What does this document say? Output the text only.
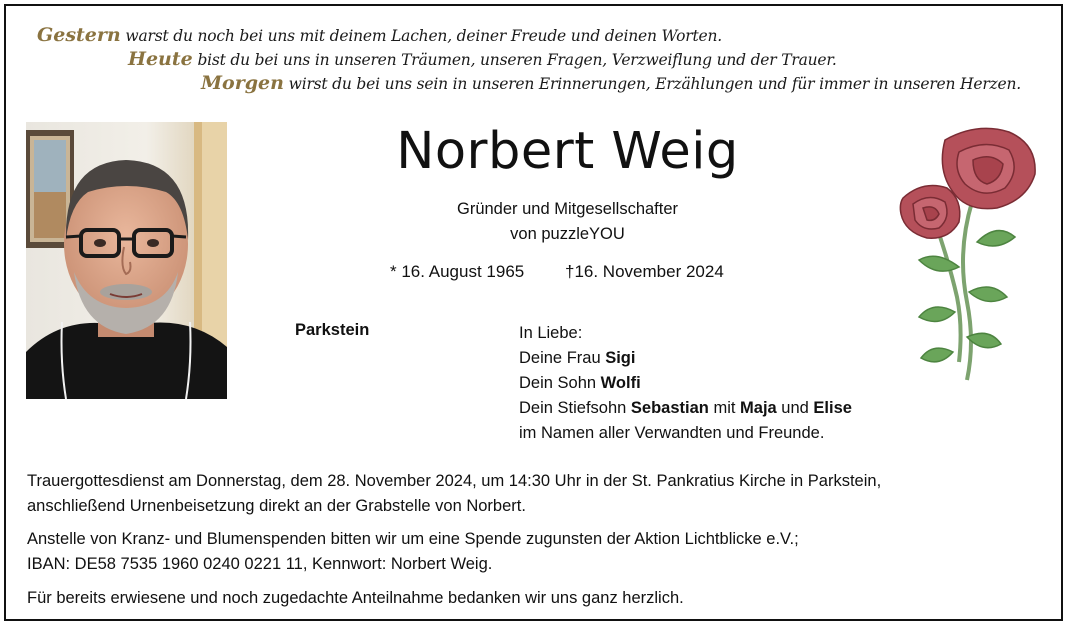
Gestern warst du noch bei uns mit deinem Lachen, deiner Freude und deinen Worten.
Heute bist du bei uns in unseren Träumen, unseren Fragen, Verzweiflung und der Trauer.
Morgen wirst du bei uns sein in unseren Erinnerungen, Erzählungen und für immer in unseren Herzen.
Norbert Weig
Gründer und Mitgesellschafter
von puzzleYOU
* 16. August 1965 †16. November 2024
Parkstein	In Liebe:
Deine Frau Sigi
Dein Sohn Wolfi
Dein Stiefsohn Sebastian mit Maja und Elise
im Namen aller Verwandten und Freunde.
Trauergottesdienst am Donnerstag, dem 28. November 2024, um 14:30 Uhr in der St. Pankratius Kirche in Parkstein,
anschließend Urnenbeisetzung direkt an der Grabstelle von Norbert.
Anstelle von Kranz- und Blumenspenden bitten wir um eine Spende zugunsten der Aktion Lichtblicke e.V.;
IBAN: DE58 7535 1960 0240 0221 11, Kennwort: Norbert Weig.
Für bereits erwiesene und noch zugedachte Anteilnahme bedanken wir uns ganz herzlich.
